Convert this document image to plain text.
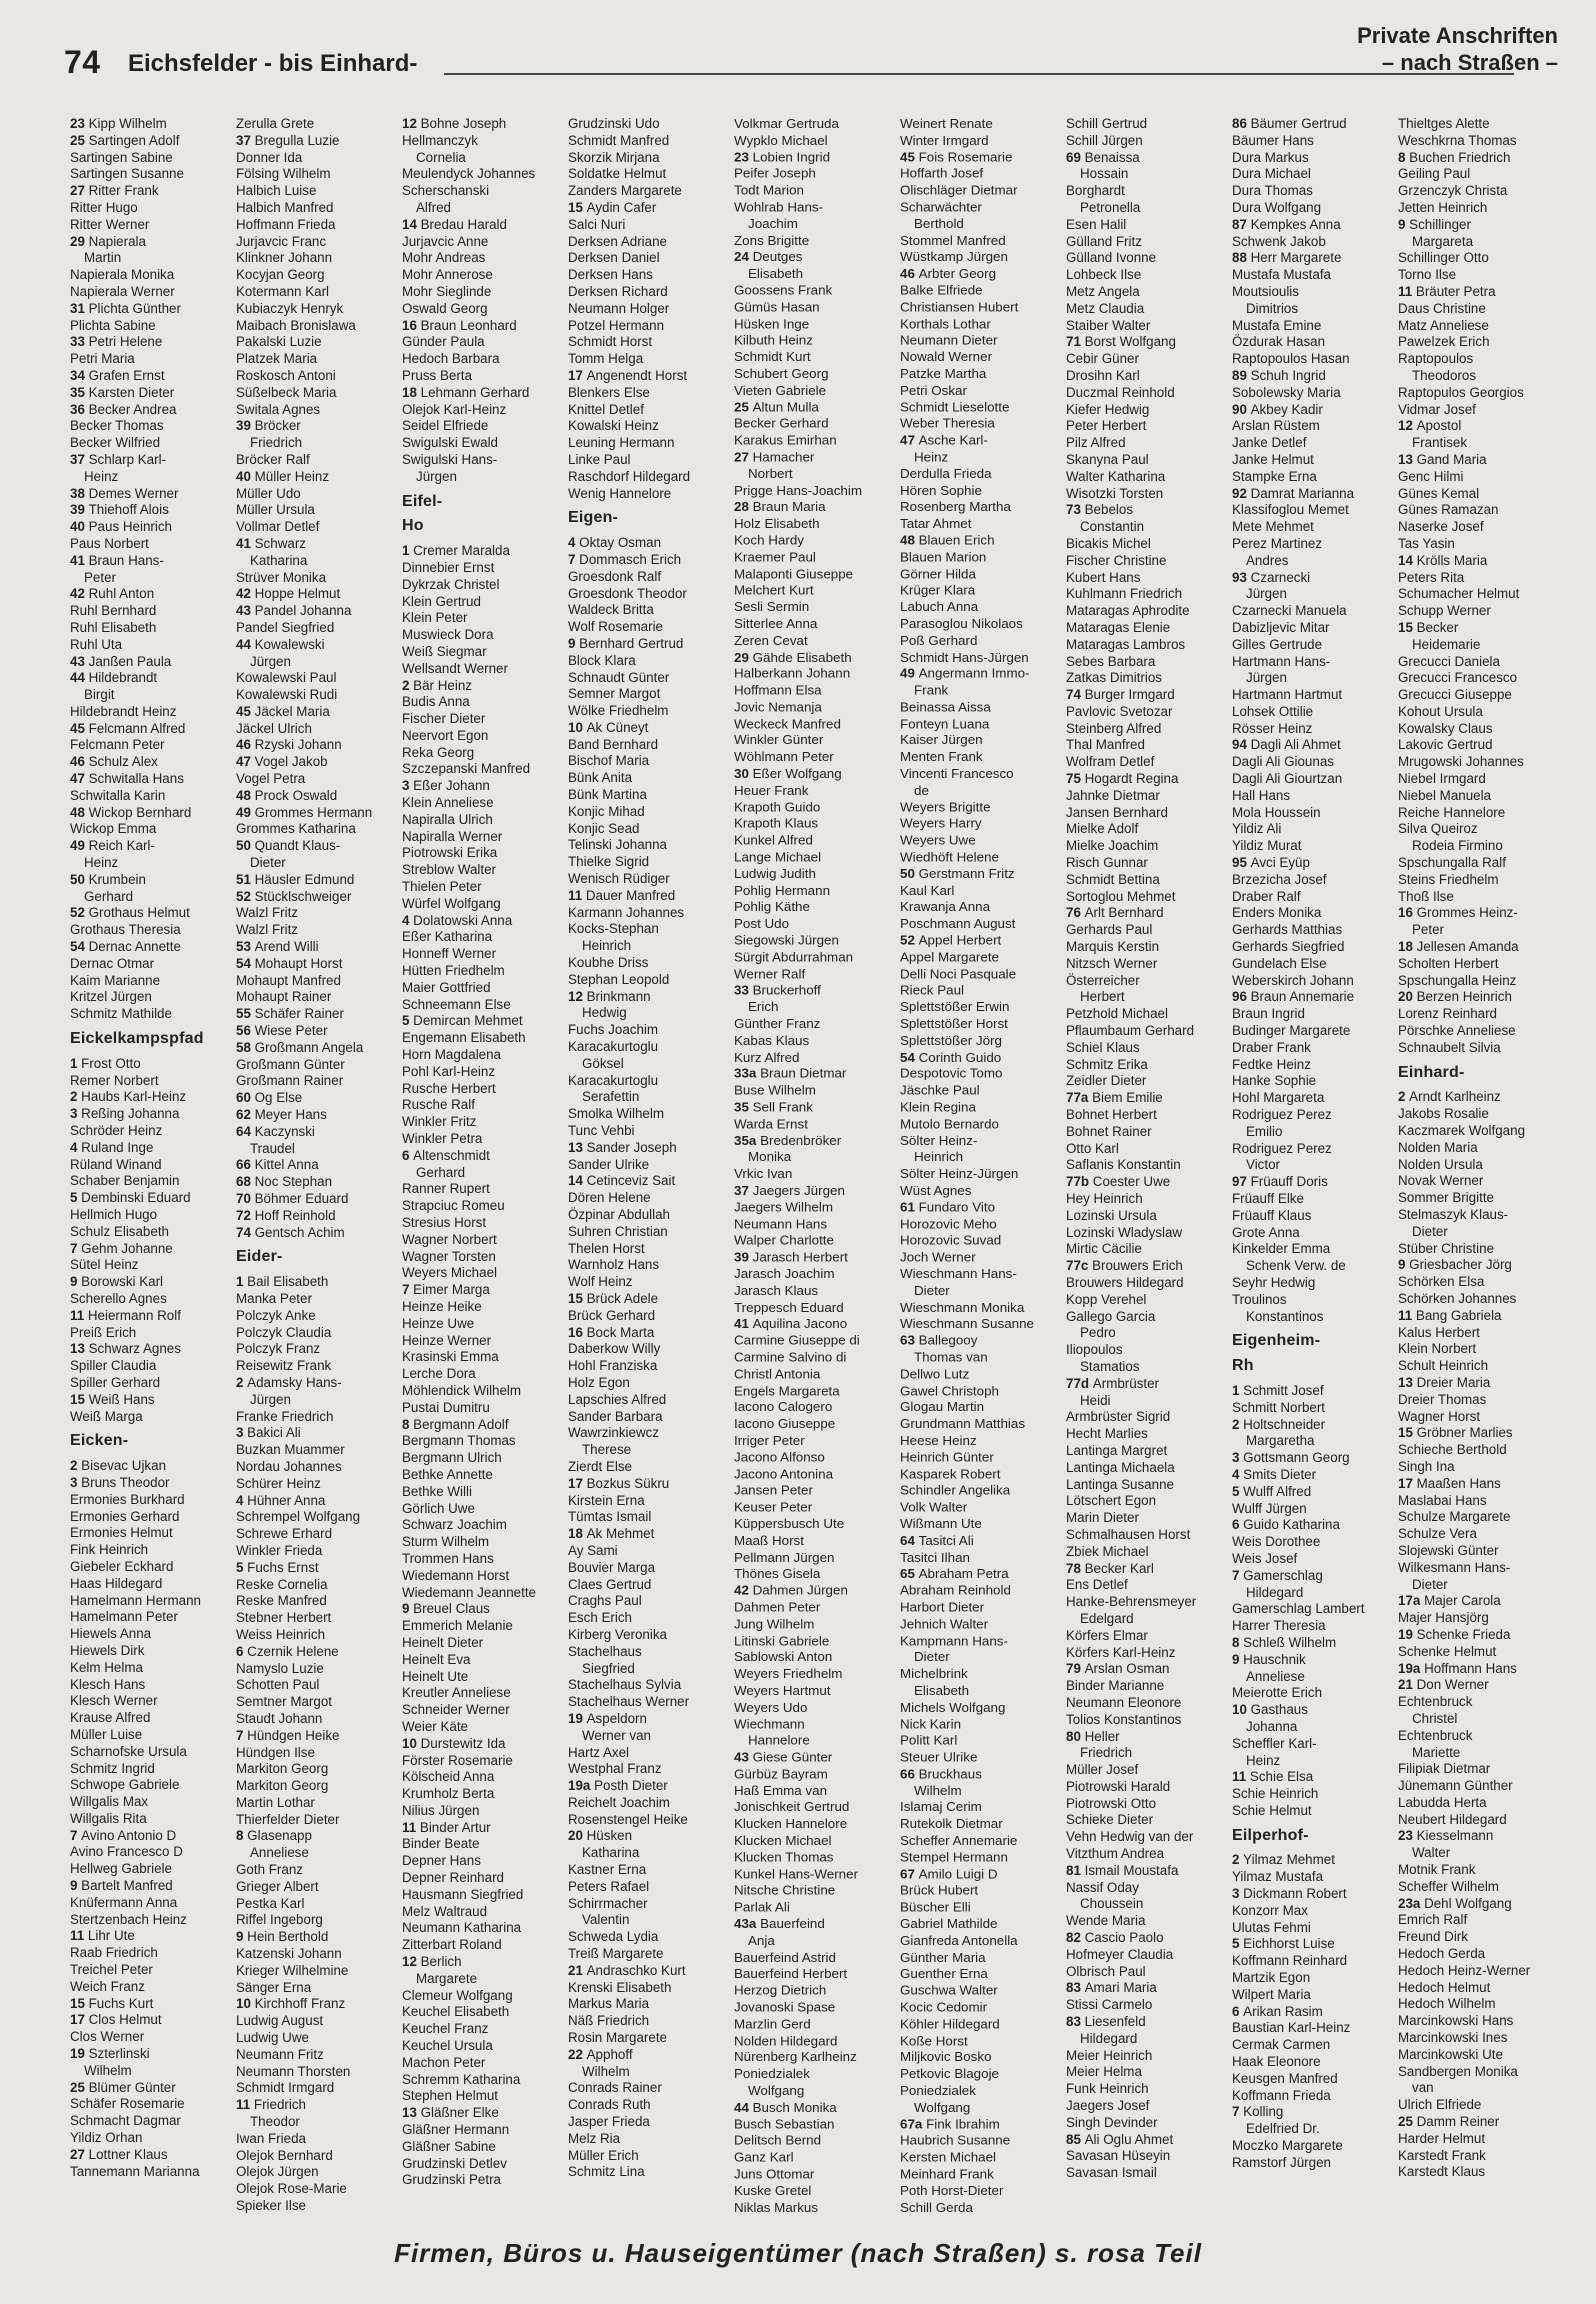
74 Eichsfelder - bis Einhard-
Private Anschriften
– nach Straßen –
23 Kipp Wilhelm
25 Sartingen Adolf
Sartingen Sabine
Sartingen Susanne
27 Ritter Frank
Ritter Hugo
Ritter Werner
29 Napierala
Martin
Napierala Monika
Napierala Werner
31 Plichta Günther
Plichta Sabine
33 Petri Helene
Petri Maria
34 Grafen Ernst
35 Karsten Dieter
36 Becker Andrea
Becker Thomas
Becker Wilfried
37 Schlarp Karl-
Heinz
38 Demes Werner
39 Thiehoff Alois
40 Paus Heinrich
Paus Norbert
41 Braun Hans-
Peter
42 Ruhl Anton
Ruhl Bernhard
Ruhl Elisabeth
Ruhl Uta
43 Janßen Paula
44 Hildebrandt
Birgit
Hildebrandt Heinz
45 Felcmann Alfred
Felcmann Peter
46 Schulz Alex
47 Schwitalla Hans
Schwitalla Karin
48 Wickop Bernhard
Wickop Emma
49 Reich Karl-
Heinz
50 Krumbein
Gerhard
52 Grothaus Helmut
Grothaus Theresia
54 Dernac Annette
Dernac Otmar
Kaim Marianne
Kritzel Jürgen
Schmitz Mathilde
Eickelkampspfad
1 Frost Otto
Remer Norbert
2 Haubs Karl-Heinz
3 Reßing Johanna
Schröder Heinz
4 Ruland Inge
Rüland Winand
Schaber Benjamin
5 Dembinski Eduard
Hellmich Hugo
Schulz Elisabeth
7 Gehm Johanne
Sütel Heinz
9 Borowski Karl
Scherello Agnes
11 Heiermann Rolf
Preiß Erich
13 Schwarz Agnes
Spiller Claudia
Spiller Gerhard
15 Weiß Hans
Weiß Marga
Eicken-
2 Bisevac Ujkan
3 Bruns Theodor
Ermonies Burkhard
Ermonies Gerhard
Ermonies Helmut
Fink Heinrich
Giebeler Eckhard
Haas Hildegard
Hamelmann Hermann
Hamelmann Peter
Hiewels Anna
Hiewels Dirk
Kelm Helma
Klesch Hans
Klesch Werner
Krause Alfred
Müller Luise
Scharnofske Ursula
Schmitz Ingrid
Schwope Gabriele
Willgalis Max
Willgalis Rita
7 Avino Antonio D
Avino Francesco D
Hellweg Gabriele
9 Bartelt Manfred
Knüfermann Anna
Stertzenbach Heinz
11 Lihr Ute
Raab Friedrich
Treichel Peter
Weich Franz
15 Fuchs Kurt
17 Clos Helmut
Clos Werner
19 Szterlinski
Wilhelm
25 Blümer Günter
Schäfer Rosemarie
Schmacht Dagmar
Yildiz Orhan
27 Lottner Klaus
Tannemann Marianna
Zerulla Grete
37 Bregulla Luzie
Donner Ida
Fölsing Wilhelm
Halbich Luise
Halbich Manfred
Hoffmann Frieda
Jurjavcic Franc
Klinkner Johann
Kocyjan Georg
Kotermann Karl
Kubiaczyk Henryk
Maibach Bronislawa
Pakalski Luzie
Platzek Maria
Roskosch Antoni
Süßelbeck Maria
Switala Agnes
39 Bröcker
Friedrich
Bröcker Ralf
40 Müller Heinz
Müller Udo
Müller Ursula
Vollmar Detlef
41 Schwarz
Katharina
Strüver Monika
42 Hoppe Helmut
43 Pandel Johanna
Pandel Siegfried
44 Kowalewski
Jürgen
Kowalewski Paul
Kowalewski Rudi
45 Jäckel Maria
Jäckel Ulrich
46 Rzyski Johann
47 Vogel Jakob
Vogel Petra
48 Prock Oswald
49 Grommes Hermann
Grommes Katharina
50 Quandt Klaus-
Dieter
51 Häusler Edmund
52 Stücklschweiger
Walzl Fritz
Walzl Fritz
53 Arend Willi
54 Mohaupt Horst
Mohaupt Manfred
Mohaupt Rainer
55 Schäfer Rainer
56 Wiese Peter
58 Großmann Angela
Großmann Günter
Großmann Rainer
60 Og Else
62 Meyer Hans
64 Kaczynski
Traudel
66 Kittel Anna
68 Noc Stephan
70 Böhmer Eduard
72 Hoff Reinhold
74 Gentsch Achim
Eider-
1 Bail Elisabeth
Manka Peter
Polczyk Anke
Polczyk Claudia
Polczyk Franz
Reisewitz Frank
2 Adamsky Hans-
Jürgen
Franke Friedrich
3 Bakici Ali
Buzkan Muammer
Nordau Johannes
Schürer Heinz
4 Hühner Anna
Schrempel Wolfgang
Schrewe Erhard
Winkler Frieda
5 Fuchs Ernst
Reske Cornelia
Reske Manfred
Stebner Herbert
Weiss Heinrich
6 Czernik Helene
Namyslo Luzie
Schotten Paul
Semtner Margot
Staudt Johann
7 Hündgen Heike
Hündgen Ilse
Markiton Georg
Markiton Georg
Martin Lothar
Thierfelder Dieter
8 Glasenapp
Anneliese
Goth Franz
Grieger Albert
Pestka Karl
Riffel Ingeborg
9 Hein Berthold
Katzenski Johann
Krieger Wilhelmine
Sänger Erna
10 Kirchhoff Franz
Ludwig August
Ludwig Uwe
Neumann Fritz
Neumann Thorsten
Schmidt Irmgard
11 Friedrich
Theodor
Iwan Frieda
Olejok Bernhard
Olejok Jürgen
Olejok Rose-Marie
Spieker Ilse
12 Bohne Joseph
Hellmanczyk
Cornelia
Meulendyck Johannes
Scherschanski
Alfred
14 Bredau Harald
Jurjavcic Anne
Mohr Andreas
Mohr Annerose
Mohr Sieglinde
Oswald Georg
16 Braun Leonhard
Günder Paula
Hedoch Barbara
Pruss Berta
18 Lehmann Gerhard
Olejok Karl-Heinz
Seidel Elfriede
Swigulski Ewald
Swigulski Hans-
Jürgen
Eifel-
Ho
1 Cremer Maralda
Dinnebier Ernst
Dykrzak Christel
Klein Gertrud
Klein Peter
Muswieck Dora
Weiß Siegmar
Wellsandt Werner
2 Bär Heinz
Budis Anna
Fischer Dieter
Neervort Egon
Reka Georg
Szczepanski Manfred
3 Eßer Johann
Klein Anneliese
Napiralla Ulrich
Napiralla Werner
Piotrowski Erika
Streblow Walter
Thielen Peter
Würfel Wolfgang
4 Dolatowski Anna
Eßer Katharina
Honneff Werner
Hütten Friedhelm
Maier Gottfried
Schneemann Else
5 Demircan Mehmet
Engemann Elisabeth
Horn Magdalena
Pohl Karl-Heinz
Rusche Herbert
Rusche Ralf
Winkler Fritz
Winkler Petra
6 Altenschmidt
Gerhard
Ranner Rupert
Strapciuc Romeu
Stresius Horst
Wagner Norbert
Wagner Torsten
Weyers Michael
7 Eimer Marga
Heinze Heike
Heinze Uwe
Heinze Werner
Krasinski Emma
Lerche Dora
Möhlendick Wilhelm
Pustai Dumitru
8 Bergmann Adolf
Bergmann Thomas
Bergmann Ulrich
Bethke Annette
Bethke Willi
Görlich Uwe
Schwarz Joachim
Sturm Wilhelm
Trommen Hans
Wiedemann Horst
Wiedemann Jeannette
9 Breuel Claus
Emmerich Melanie
Heinelt Dieter
Heinelt Eva
Heinelt Ute
Kreutler Anneliese
Schneider Werner
Weier Käte
10 Durstewitz Ida
Förster Rosemarie
Kölscheid Anna
Krumholz Berta
Nilius Jürgen
11 Binder Artur
Binder Beate
Depner Hans
Depner Reinhard
Hausmann Siegfried
Melz Waltraud
Neumann Katharina
Zitterbart Roland
12 Berlich
Margarete
Clemeur Wolfgang
Keuchel Elisabeth
Keuchel Franz
Keuchel Ursula
Machon Peter
Schremm Katharina
Stephen Helmut
13 Gläßner Elke
Gläßner Hermann
Gläßner Sabine
Grudzinski Detlev
Grudzinski Petra
Grudzinski Udo
Schmidt Manfred
Skorzik Mirjana
Soldatke Helmut
Zanders Margarete
15 Aydin Cafer
Salci Nuri
Derksen Adriane
Derksen Daniel
Derksen Hans
Derksen Richard
Neumann Holger
Potzel Hermann
Schmidt Horst
Tomm Helga
17 Angenendt Horst
Blenkers Else
Knittel Detlef
Kowalski Heinz
Leuning Hermann
Linke Paul
Raschdorf Hildegard
Wenig Hannelore
Eigen-
4 Oktay Osman
7 Dommasch Erich
Groesdonk Ralf
Groesdonk Theodor
Waldeck Britta
Wolf Rosemarie
9 Bernhard Gertrud
Block Klara
Schnaudt Günter
Semner Margot
Wölke Friedhelm
10 Ak Cüneyt
Band Bernhard
Bischof Maria
Bünk Anita
Bünk Martina
Konjic Mihad
Konjic Sead
Telinski Johanna
Thielke Sigrid
Wenisch Rüdiger
11 Dauer Manfred
Karmann Johannes
Kocks-Stephan
Heinrich
Koubhe Driss
Stephan Leopold
12 Brinkmann
Hedwig
Fuchs Joachim
Karacakurtoglu
Göksel
Karacakurtoglu
Serafettin
Smolka Wilhelm
Tunc Vehbi
13 Sander Joseph
Sander Ulrike
14 Cetinceviz Sait
Dören Helene
Özpinar Abdullah
Suhren Christian
Thelen Horst
Warnholz Hans
Wolf Heinz
15 Brück Adele
Brück Gerhard
16 Bock Marta
Daberkow Willy
Hohl Franziska
Holz Egon
Lapschies Alfred
Sander Barbara
Wawrzinkiewcz
Therese
Zierdt Else
17 Bozkus Sükru
Kirstein Erna
Tümtas Ismail
18 Ak Mehmet
Ay Sami
Bouvier Marga
Claes Gertrud
Craghs Paul
Esch Erich
Kirberg Veronika
Stachelhaus
Siegfried
Stachelhaus Sylvia
Stachelhaus Werner
19 Aspeldorn
Werner van
Hartz Axel
Westphal Franz
19a Posth Dieter
Reichelt Joachim
Rosenstengel Heike
20 Hüsken
Katharina
Kastner Erna
Peters Rafael
Schirrmacher
Valentin
Schweda Lydia
Treiß Margarete
21 Andraschko Kurt
Krenski Elisabeth
Markus Maria
Näß Friedrich
Rosin Margarete
22 Apphoff
Wilhelm
Conrads Rainer
Conrads Ruth
Jasper Frieda
Melz Ria
Müller Erich
Schmitz Lina
Volkmar Gertruda
Wypklo Michael
23 Lobien Ingrid
Peifer Joseph
Todt Marion
Wohlrab Hans-
Joachim
Zons Brigitte
24 Deutges
Elisabeth
Goossens Frank
Gümüs Hasan
Hüsken Inge
Kilbuth Heinz
Schmidt Kurt
Schubert Georg
Vieten Gabriele
25 Altun Mulla
Becker Gerhard
Karakus Emirhan
27 Hamacher
Norbert
Prigge Hans-Joachim
28 Braun Maria
Holz Elisabeth
Koch Hardy
Kraemer Paul
Malaponti Giuseppe
Melchert Kurt
Sesli Sermin
Sitterlee Anna
Zeren Cevat
29 Gähde Elisabeth
Halberkann Johann
Hoffmann Elsa
Jovic Nemanja
Weckeck Manfred
Winkler Günter
Wöhlmann Peter
30 Eßer Wolfgang
Heuer Frank
Krapoth Guido
Krapoth Klaus
Kunkel Alfred
Lange Michael
Ludwig Judith
Pohlig Hermann
Pohlig Käthe
Post Udo
Siegowski Jürgen
Sürgit Abdurrahman
Werner Ralf
33 Bruckerhoff
Erich
Günther Franz
Kabas Klaus
Kurz Alfred
33a Braun Dietmar
Buse Wilhelm
35 Sell Frank
Warda Ernst
35a Bredenbröker
Monika
Vrkic Ivan
37 Jaegers Jürgen
Jaegers Wilhelm
Neumann Hans
Walper Charlotte
39 Jarasch Herbert
Jarasch Joachim
Jarasch Klaus
Treppesch Eduard
41 Aquilina Jacono
Carmine Giuseppe di
Carmine Salvino di
Christl Antonia
Engels Margareta
Iacono Calogero
Iacono Giuseppe
Irriger Peter
Jacono Alfonso
Jacono Antonina
Jansen Peter
Keuser Peter
Küppersbusch Ute
Maaß Horst
Pellmann Jürgen
Thönes Gisela
42 Dahmen Jürgen
Dahmen Peter
Jung Wilhelm
Litinski Gabriele
Sablowski Anton
Weyers Friedhelm
Weyers Hartmut
Weyers Udo
Wiechmann
Hannelore
43 Giese Günter
Gürbüz Bayram
Haß Emma van
Jonischkeit Gertrud
Klucken Hannelore
Klucken Michael
Klucken Thomas
Kunkel Hans-Werner
Nitsche Christine
Parlak Ali
43a Bauerfeind
Anja
Bauerfeind Astrid
Bauerfeind Herbert
Herzog Dietrich
Jovanoski Spase
Marzlin Gerd
Nolden Hildegard
Nürenberg Karlheinz
Poniedzialek
Wolfgang
44 Busch Monika
Busch Sebastian
Delitsch Bernd
Ganz Karl
Juns Ottomar
Kuske Gretel
Niklas Markus
Weinert Renate
Winter Irmgard
45 Fois Rosemarie
Hoffarth Josef
Olischläger Dietmar
Scharwächter
Berthold
Stommel Manfred
Wüstkamp Jürgen
46 Arbter Georg
Balke Elfriede
Christiansen Hubert
Korthals Lothar
Neumann Dieter
Nowald Werner
Patzke Martha
Petri Oskar
Schmidt Lieselotte
Weber Theresia
47 Asche Karl-
Heinz
Derdulla Frieda
Hören Sophie
Rosenberg Martha
Tatar Ahmet
48 Blauen Erich
Blauen Marion
Görner Hilda
Krüger Klara
Labuch Anna
Parasoglou Nikolaos
Poß Gerhard
Schmidt Hans-Jürgen
49 Angermann Immo-
Frank
Beinassa Aissa
Fonteyn Luana
Kaiser Jürgen
Menten Frank
Vincenti Francesco
de
Weyers Brigitte
Weyers Harry
Weyers Uwe
Wiedhöft Helene
50 Gerstmann Fritz
Kaul Karl
Krawanja Anna
Poschmann August
52 Appel Herbert
Appel Margarete
Delli Noci Pasquale
Rieck Paul
Splettstößer Erwin
Splettstößer Horst
Splettstößer Jörg
54 Corinth Guido
Despotovic Tomo
Jäschke Paul
Klein Regina
Mutolo Bernardo
Sölter Heinz-
Heinrich
Sölter Heinz-Jürgen
Wüst Agnes
61 Fundaro Vito
Horozovic Meho
Horozovic Suvad
Joch Werner
Wieschmann Hans-
Dieter
Wieschmann Monika
Wieschmann Susanne
63 Ballegooy
Thomas van
Dellwo Lutz
Gawel Christoph
Glogau Martin
Grundmann Matthias
Heese Heinz
Heinrich Günter
Kasparek Robert
Schindler Angelika
Volk Walter
Wißmann Ute
64 Tasitci Ali
Tasitci Ilhan
65 Abraham Petra
Abraham Reinhold
Harbort Dieter
Jehnich Walter
Kampmann Hans-
Dieter
Michelbrink
Elisabeth
Michels Wolfgang
Nick Karin
Politt Karl
Steuer Ulrike
66 Bruckhaus
Wilhelm
Islamaj Cerim
Rutekolk Dietmar
Scheffer Annemarie
Stempel Hermann
67 Amilo Luigi D
Brück Hubert
Büscher Elli
Gabriel Mathilde
Gianfreda Antonella
Günther Maria
Guenther Erna
Guschwa Walter
Kocic Cedomir
Köhler Hildegard
Koße Horst
Miljkovic Bosko
Petkovic Blagoje
Poniedzialek
Wolfgang
67a Fink Ibrahim
Haubrich Susanne
Kersten Michael
Meinhard Frank
Poth Horst-Dieter
Schill Gerda
Schill Gertrud
Schill Jürgen
69 Benaissa
Hossain
Borghardt
Petronella
Esen Halil
Gülland Fritz
Gülland Ivonne
Lohbeck Ilse
Metz Angela
Metz Claudia
Staiber Walter
71 Borst Wolfgang
Cebir Güner
Drosihn Karl
Duczmal Reinhold
Kiefer Hedwig
Peter Herbert
Pilz Alfred
Skanyna Paul
Walter Katharina
Wisotzki Torsten
73 Bebelos
Constantin
Bicakis Michel
Fischer Christine
Kubert Hans
Kuhlmann Friedrich
Mataragas Aphrodite
Mataragas Elenie
Mataragas Lambros
Sebes Barbara
Zatkas Dimitrios
74 Burger Irmgard
Pavlovic Svetozar
Steinberg Alfred
Thal Manfred
Wolfram Detlef
75 Hogardt Regina
Jahnke Dietmar
Jansen Bernhard
Mielke Adolf
Mielke Joachim
Risch Gunnar
Schmidt Bettina
Sortoglou Mehmet
76 Arlt Bernhard
Gerhards Paul
Marquis Kerstin
Nitzsch Werner
Österreicher
Herbert
Petzhold Michael
Pflaumbaum Gerhard
Schiel Klaus
Schmitz Erika
Zeidler Dieter
77a Biem Emilie
Bohnet Herbert
Bohnet Rainer
Otto Karl
Saflanis Konstantin
77b Coester Uwe
Hey Heinrich
Lozinski Ursula
Lozinski Wladyslaw
Mirtic Cäcilie
77c Brouwers Erich
Brouwers Hildegard
Kopp Verehel
Gallego Garcia
Pedro
Iliopoulos
Stamatios
77d Armbrüster
Heidi
Armbrüster Sigrid
Hecht Marlies
Lantinga Margret
Lantinga Michaela
Lantinga Susanne
Lötschert Egon
Marin Dieter
Schmalhausen Horst
Zbiek Michael
78 Becker Karl
Ens Detlef
Hanke-Behrensmeyer
Edelgard
Körfers Elmar
Körfers Karl-Heinz
79 Arslan Osman
Binder Marianne
Neumann Eleonore
Tolios Konstantinos
80 Heller
Friedrich
Müller Josef
Piotrowski Harald
Piotrowski Otto
Schieke Dieter
Vehn Hedwig van der
Vitzthum Andrea
81 Ismail Moustafa
Nassif Oday
Choussein
Wende Maria
82 Cascio Paolo
Hofmeyer Claudia
Olbrisch Paul
83 Amari Maria
Stissi Carmelo
83 Liesenfeld
Hildegard
Meier Heinrich
Meier Helma
Funk Heinrich
Jaegers Josef
Singh Devinder
85 Ali Oglu Ahmet
Savasan Hüseyin
Savasan Ismail
86 Bäumer Gertrud
Bäumer Hans
Dura Markus
Dura Michael
Dura Thomas
Dura Wolfgang
87 Kempkes Anna
Schwenk Jakob
88 Herr Margarete
Mustafa Mustafa
Moutsioulis
Dimitrios
Mustafa Emine
Özdurak Hasan
Raptopoulos Hasan
89 Schuh Ingrid
Sobolewsky Maria
90 Akbey Kadir
Arslan Rüstem
Janke Detlef
Janke Helmut
Stampke Erna
92 Damrat Marianna
Klassifoglou Memet
Mete Mehmet
Perez Martinez
Andres
93 Czarnecki
Jürgen
Czarnecki Manuela
Dabizljevic Mitar
Gilles Gertrude
Hartmann Hans-
Jürgen
Hartmann Hartmut
Lohsek Ottilie
Rösser Heinz
94 Dagli Ali Ahmet
Dagli Ali Giounas
Dagli Ali Giourtzan
Hall Hans
Mola Houssein
Yildiz Ali
Yildiz Murat
95 Avci Eyüp
Brzezicha Josef
Draber Ralf
Enders Monika
Gerhards Matthias
Gerhards Siegfried
Gundelach Else
Weberskirch Johann
96 Braun Annemarie
Braun Ingrid
Budinger Margarete
Draber Frank
Fedtke Heinz
Hanke Sophie
Hohl Margareta
Rodriguez Perez
Emilio
Rodriguez Perez
Victor
97 Früauff Doris
Früauff Elke
Früauff Klaus
Grote Anna
Kinkelder Emma
Schenk Verw. de
Seyhr Hedwig
Troulinos
Konstantinos
Eigenheim-
Rh
1 Schmitt Josef
Schmitt Norbert
2 Holtschneider
Margaretha
3 Gottsmann Georg
4 Smits Dieter
5 Wulff Alfred
Wulff Jürgen
6 Guido Katharina
Weis Dorothee
Weis Josef
7 Gamerschlag
Hildegard
Gamerschlag Lambert
Harrer Theresia
8 Schleß Wilhelm
9 Hauschnik
Anneliese
Meierotte Erich
10 Gasthaus
Johanna
Scheffler Karl-
Heinz
11 Schie Elsa
Schie Heinrich
Schie Helmut
Eilperhof-
2 Yilmaz Mehmet
Yilmaz Mustafa
3 Dickmann Robert
Konzorr Max
Ulutas Fehmi
5 Eichhorst Luise
Koffmann Reinhard
Martzik Egon
Wilpert Maria
6 Arikan Rasim
Baustian Karl-Heinz
Cermak Carmen
Haak Eleonore
Keusgen Manfred
Koffmann Frieda
7 Kolling
Edelfried Dr.
Moczko Margarete
Ramstorf Jürgen
Thieltges Alette
Weschkrna Thomas
8 Buchen Friedrich
Geiling Paul
Grzenczyk Christa
Jetten Heinrich
9 Schillinger
Margareta
Schillinger Otto
Torno Ilse
11 Bräuter Petra
Daus Christine
Matz Anneliese
Pawelzek Erich
Raptopoulos
Theodoros
Raptopulos Georgios
Vidmar Josef
12 Apostol
Frantisek
13 Gand Maria
Genc Hilmi
Günes Kemal
Günes Ramazan
Naserke Josef
Tas Yasin
14 Krölls Maria
Peters Rita
Schumacher Helmut
Schupp Werner
15 Becker
Heidemarie
Grecucci Daniela
Grecucci Francesco
Grecucci Giuseppe
Kohout Ursula
Kowalsky Claus
Lakovic Gertrud
Mrugowski Johannes
Niebel Irmgard
Niebel Manuela
Reiche Hannelore
Silva Queiroz
Rodeia Firmino
Spschungalla Ralf
Steins Friedhelm
Thoß Ilse
16 Grommes Heinz-
Peter
18 Jellesen Amanda
Scholten Herbert
Spschungalla Heinz
20 Berzen Heinrich
Lorenz Reinhard
Pörschke Anneliese
Schnaubelt Silvia
Einhard-
2 Arndt Karlheinz
Jakobs Rosalie
Kaczmarek Wolfgang
Nolden Maria
Nolden Ursula
Novak Werner
Sommer Brigitte
Stelmaszyk Klaus-
Dieter
Stüber Christine
9 Griesbacher Jörg
Schörken Elsa
Schörken Johannes
11 Bang Gabriela
Kalus Herbert
Klein Norbert
Schult Heinrich
13 Dreier Maria
Dreier Thomas
Wagner Horst
15 Gröbner Marlies
Schieche Berthold
Singh Ina
17 Maaßen Hans
Maslabai Hans
Schulze Margarete
Schulze Vera
Slojewski Günter
Wilkesmann Hans-
Dieter
17a Majer Carola
Majer Hansjörg
19 Schenke Frieda
Schenke Helmut
19a Hoffmann Hans
21 Don Werner
Echtenbruck
Christel
Echtenbruck
Mariette
Filipiak Dietmar
Jünemann Günther
Labudda Herta
Neubert Hildegard
23 Kiesselmann
Walter
Motnik Frank
Scheffer Wilhelm
23a Dehl Wolfgang
Emrich Ralf
Freund Dirk
Hedoch Gerda
Hedoch Heinz-Werner
Hedoch Helmut
Hedoch Wilhelm
Marcinkowski Hans
Marcinkowski Ines
Marcinkowski Ute
Sandbergen Monika
van
Ulrich Elfriede
25 Damm Reiner
Harder Helmut
Karstedt Frank
Karstedt Klaus
Firmen, Büros u. Hauseigentümer (nach Straßen) s. rosa Teil
